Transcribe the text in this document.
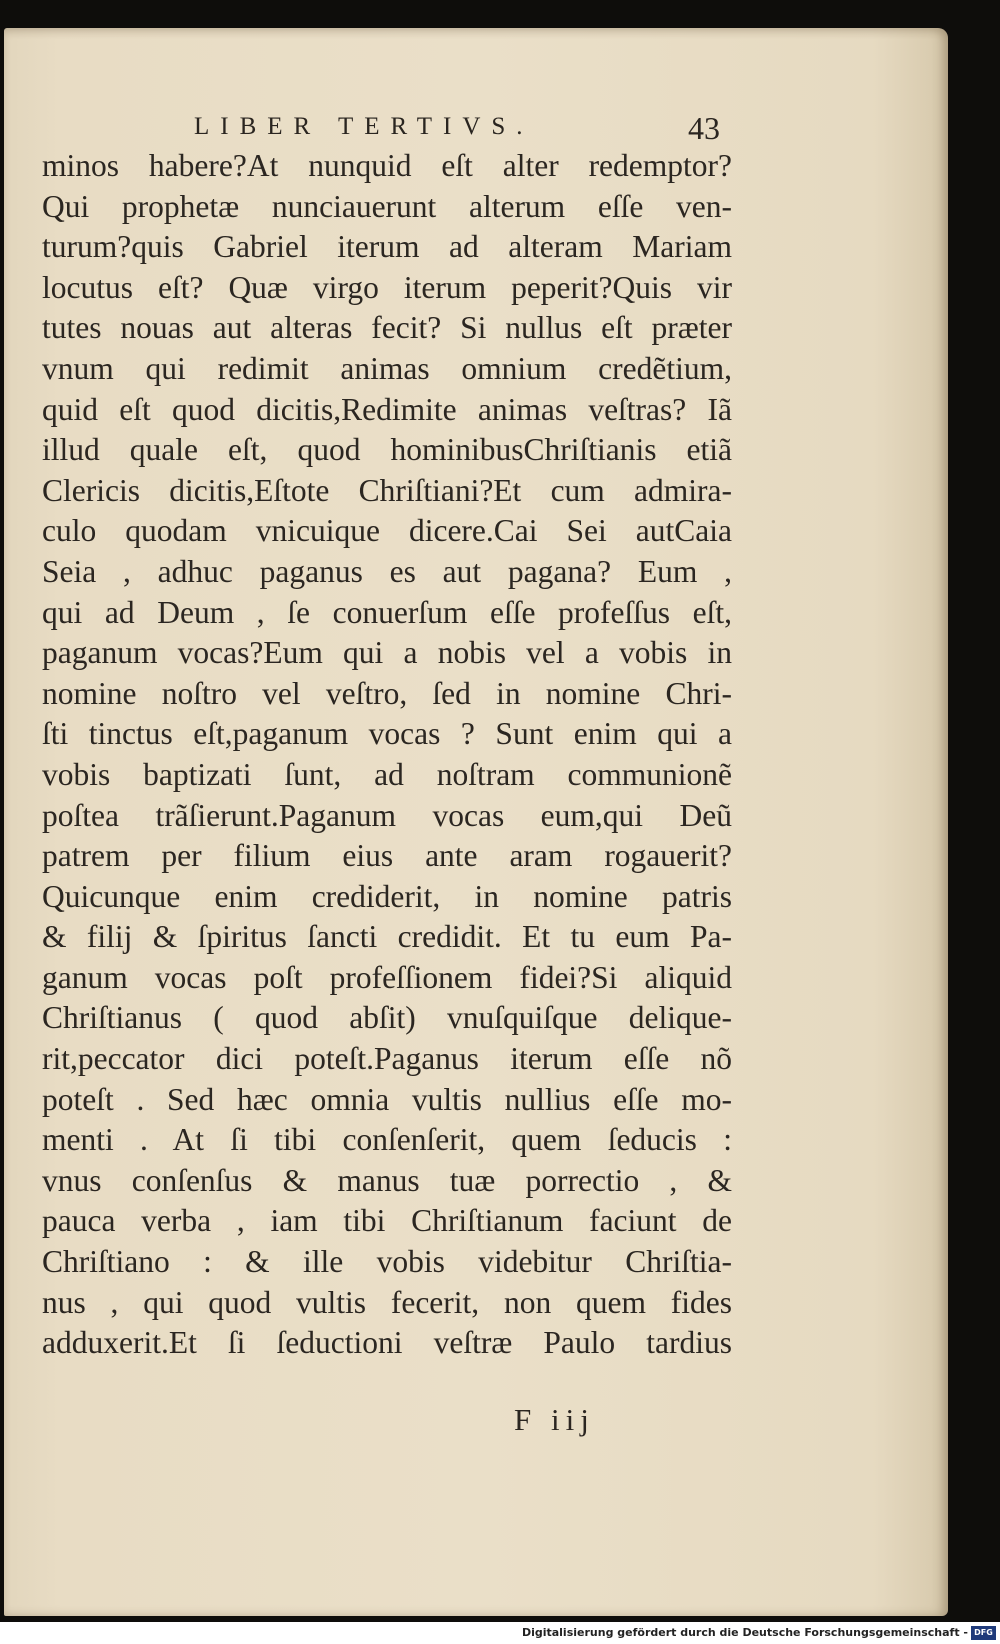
LIBER TERTIVS.	43
minos habere?At nunquid eſt alter redemptor?
Qui prophetæ nunciauerunt alterum eſſe ven-
turum?quis Gabriel iterum ad alteram Mariam
locutus eſt? Quæ virgo iterum peperit?Quis vir
tutes nouas aut alteras fecit? Si nullus eſt præter
vnum qui redimit animas omnium credẽtium,
quid eſt quod dicitis,Redimite animas veſtras? Iã
illud quale eſt, quod hominibusChriſtianis etiã
Clericis dicitis,Eſtote Chriſtiani?Et cum admira-
culo quodam vnicuique dicere.Cai Sei autCaia
Seia , adhuc paganus es aut pagana? Eum ,
qui ad Deum , ſe conuerſum eſſe profeſſus eſt,
paganum vocas?Eum qui a nobis vel a vobis in
nomine noſtro vel veſtro, ſed in nomine Chri-
ſti tinctus eſt,paganum vocas ? Sunt enim qui a
vobis baptizati ſunt, ad noſtram communionẽ
poſtea trãſierunt.Paganum vocas eum,qui Deũ
patrem per filium eius ante aram rogauerit?
Quicunque enim crediderit, in nomine patris
& filij & ſpiritus ſancti credidit. Et tu eum Pa-
ganum vocas poſt profeſſionem fidei?Si aliquid
Chriſtianus ( quod abſit) vnuſquiſque delique-
rit,peccator dici poteſt.Paganus iterum eſſe nõ
poteſt . Sed hæc omnia vultis nullius eſſe mo-
menti . At ſi tibi conſenſerit, quem ſeducis :
vnus conſenſus & manus tuæ porrectio , &
pauca verba , iam tibi Chriſtianum faciunt de
Chriſtiano : & ille vobis videbitur Chriſtia-
nus , qui quod vultis fecerit, non quem fides
adduxerit.Et ſi ſeductioni veſtræ Paulo tardius
F iij
Digitalisierung gefördert durch die Deutsche Forschungsgemeinschaft - DFG
